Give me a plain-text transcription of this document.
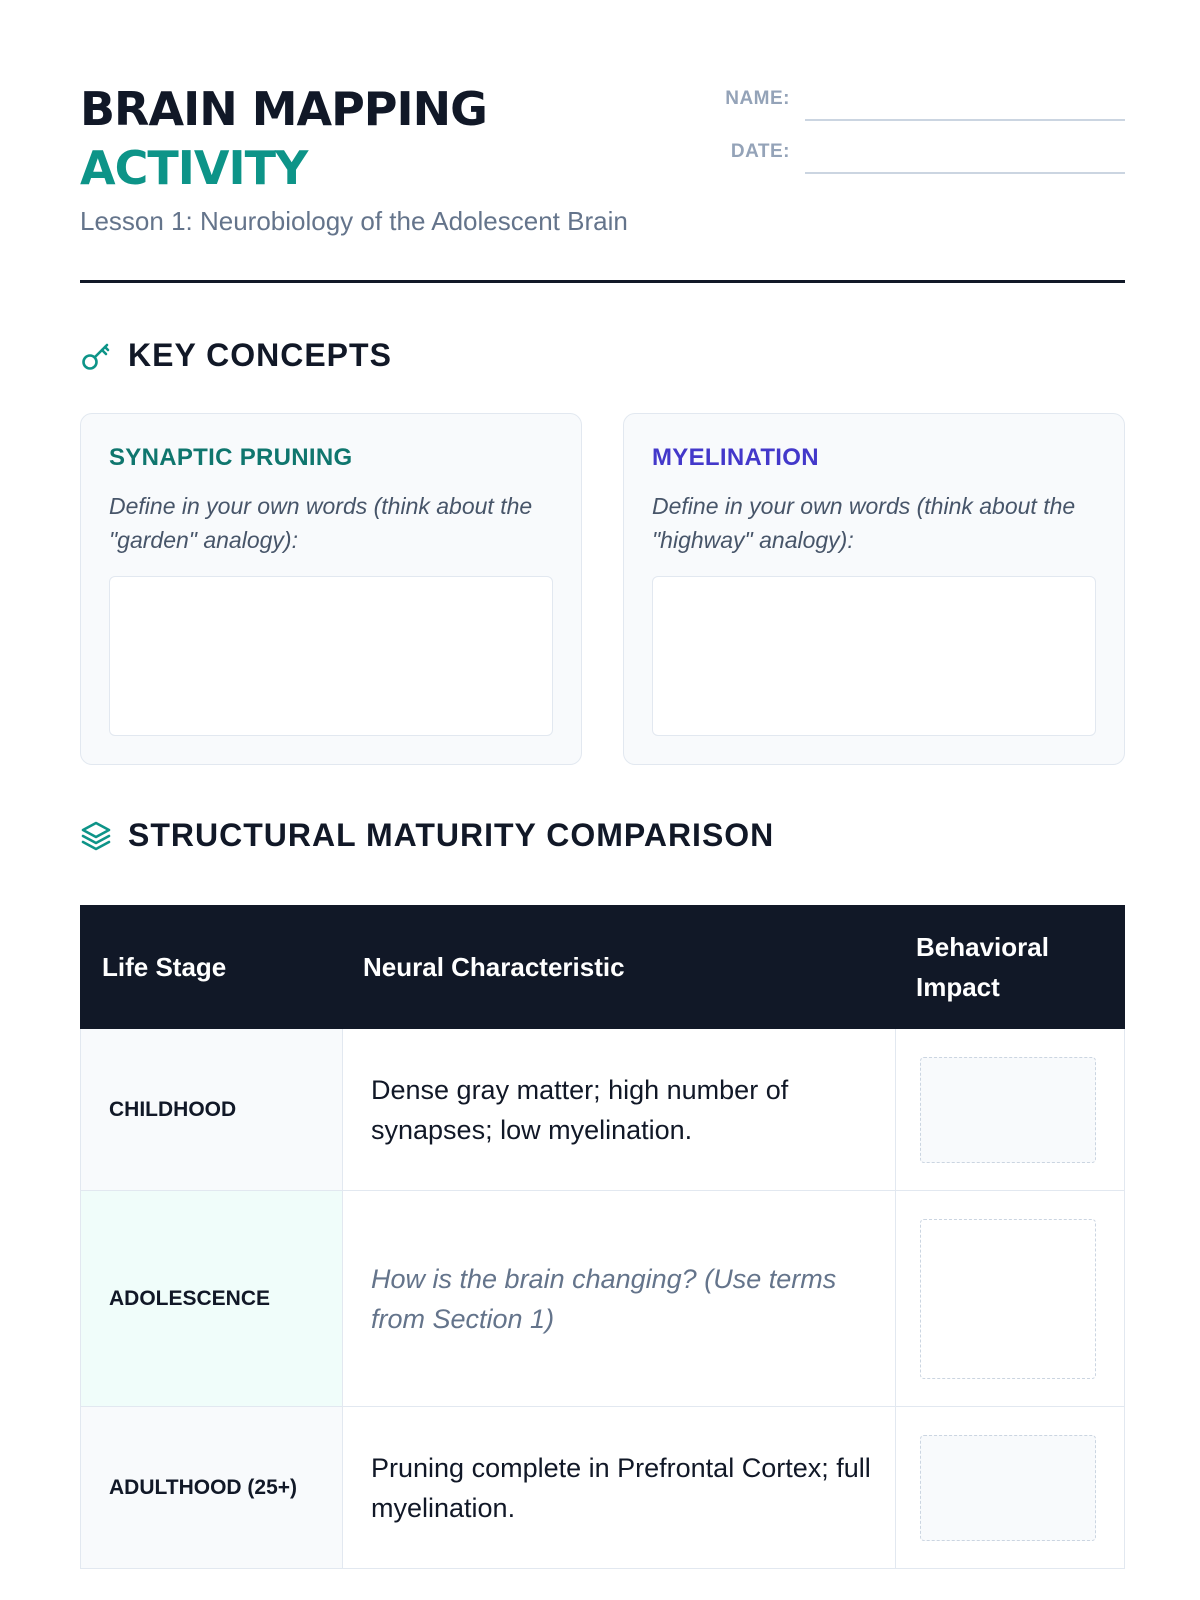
BRAIN MAPPING
ACTIVITY
Lesson 1: Neurobiology of the Adolescent Brain
NAME:
DATE:
KEY CONCEPTS
SYNAPTIC PRUNING
Define in your own words (think about the "garden" analogy):
MYELINATION
Define in your own words (think about the "highway" analogy):
STRUCTURAL MATURITY COMPARISON
Life Stage	Neural Characteristic
Behavioral Impact
CHILDHOOD
Dense gray matter; high number of synapses; low myelination.
ADOLESCENCE
How is the brain changing? (Use terms from Section 1)
ADULTHOOD (25+)
Pruning complete in Prefrontal Cortex; full myelination.
